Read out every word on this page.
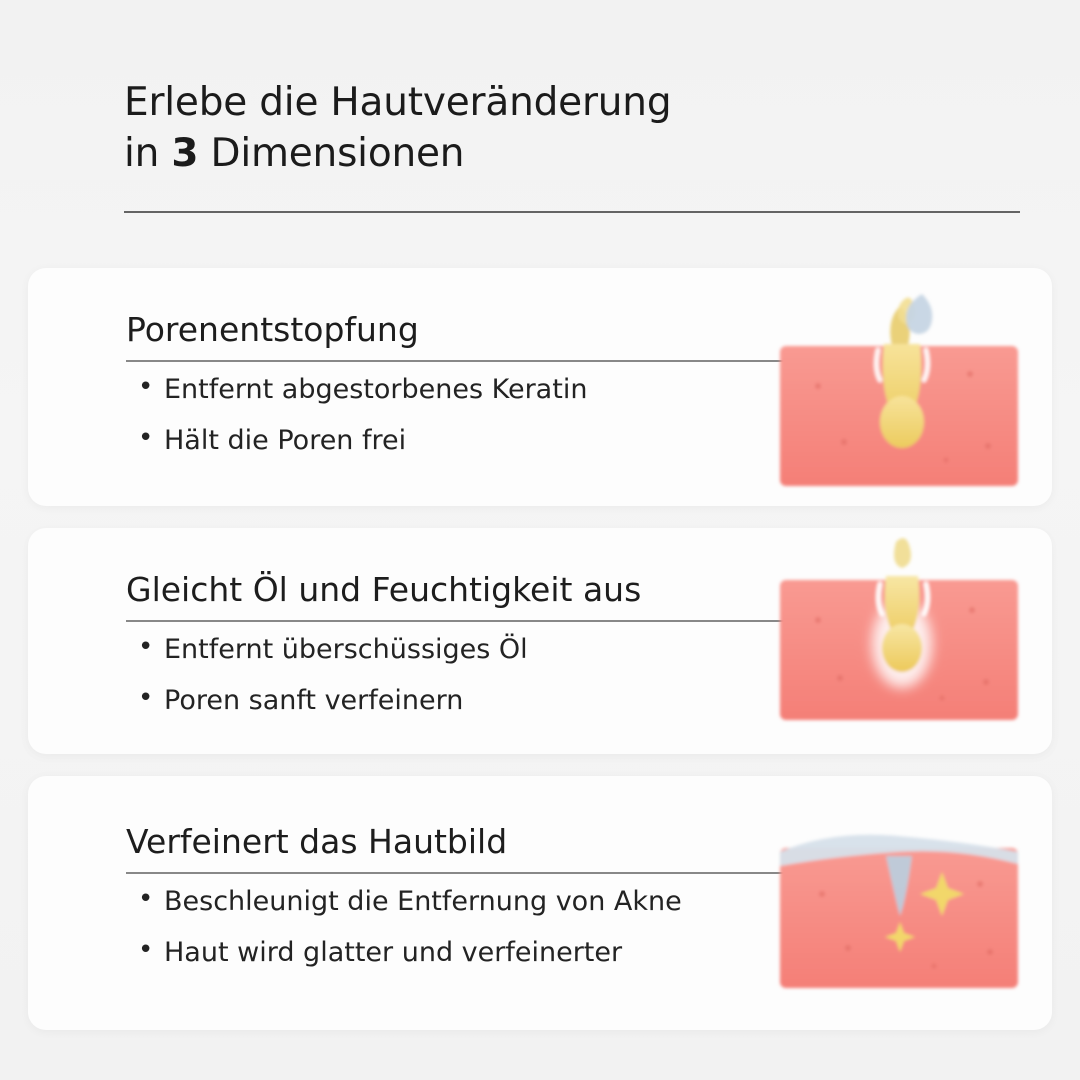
Erlebe die Hautveränderung
in 3 Dimensionen
Porenentstopfung
• Entfernt abgestorbenes Keratin
• Hält die Poren frei
Gleicht Öl und Feuchtigkeit aus
• Entfernt überschüssiges Öl
• Poren sanft verfeinern
Verfeinert das Hautbild
• Beschleunigt die Entfernung von Akne
• Haut wird glatter und verfeinerter
